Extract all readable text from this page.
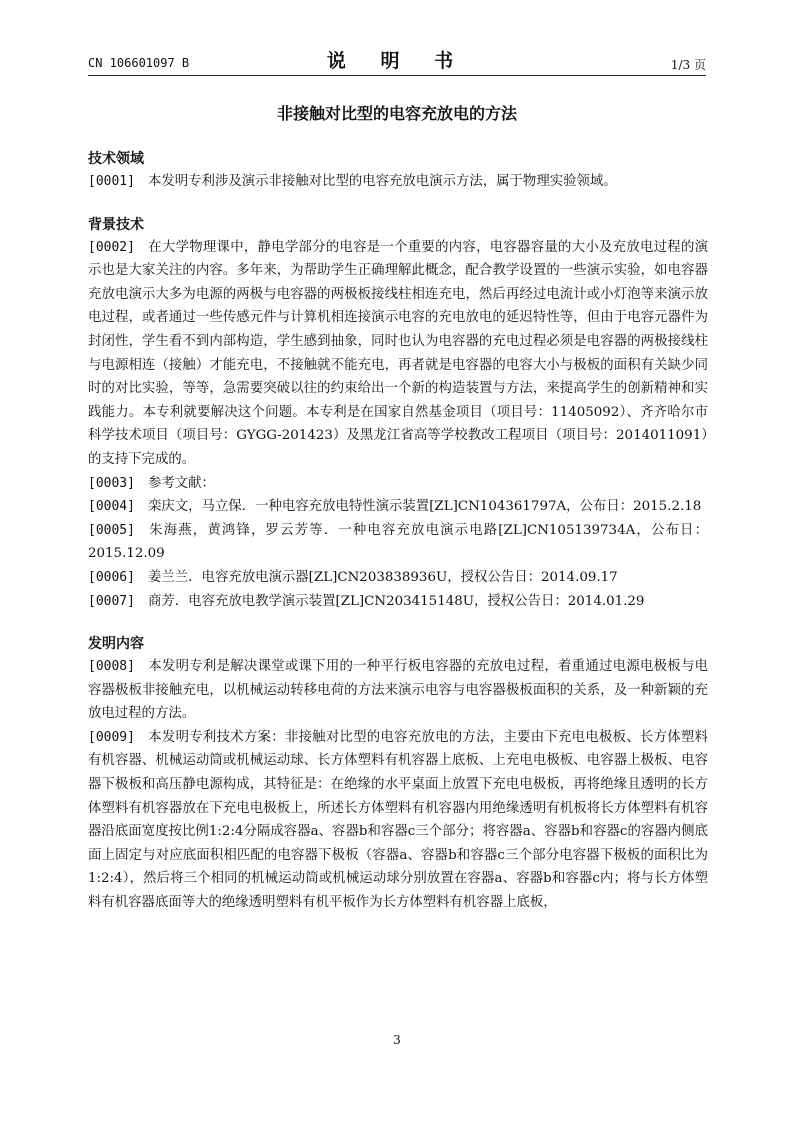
CN 106601097 B	说 明 书	1/3 页
非接触对比型的电容充放电的方法
技术领域
[0001] 本发明专利涉及演示非接触对比型的电容充放电演示方法，属于物理实验领域。
背景技术
[0002] 在大学物理课中，静电学部分的电容是一个重要的内容，电容器容量的大小及充放电过程的演示也是大家关注的内容。多年来，为帮助学生正确理解此概念，配合教学设置的一些演示实验，如电容器充放电演示大多为电源的两极与电容器的两极板接线柱相连充电，然后再经过电流计或小灯泡等来演示放电过程，或者通过一些传感元件与计算机相连接演示电容的充电放电的延迟特性等，但由于电容元器件为封闭性，学生看不到内部构造，学生感到抽象，同时也认为电容器的充电过程必须是电容器的两极接线柱与电源相连（接触）才能充电，不接触就不能充电，再者就是电容器的电容大小与极板的面积有关缺少同时的对比实验，等等，急需要突破以往的约束给出一个新的构造装置与方法，来提高学生的创新精神和实践能力。本专利就要解决这个问题。本专利是在国家自然基金项目（项目号：11405092）、齐齐哈尔市科学技术项目（项目号：GYGG-201423）及黑龙江省高等学校教改工程项目（项目号：2014011091）的支持下完成的。
[0003] 参考文献：
[0004] 栾庆文，马立保．一种电容充放电特性演示装置[ZL]CN104361797A，公布日：2015.2.18
[0005] 朱海燕，黄鸿锋，罗云芳等．一种电容充放电演示电路[ZL]CN105139734A，公布日：2015.12.09
[0006] 姜兰兰．电容充放电演示器[ZL]CN203838936U，授权公告日：2014.09.17
[0007] 商芳．电容充放电教学演示装置[ZL]CN203415148U，授权公告日：2014.01.29
发明内容
[0008] 本发明专利是解决课堂或课下用的一种平行板电容器的充放电过程，着重通过电源电极板与电容器极板非接触充电，以机械运动转移电荷的方法来演示电容与电容器极板面积的关系，及一种新颖的充放电过程的方法。
[0009] 本发明专利技术方案：非接触对比型的电容充放电的方法，主要由下充电电极板、长方体塑料有机容器、机械运动筒或机械运动球、长方体塑料有机容器上底板、上充电电极板、电容器上极板、电容器下极板和高压静电源构成，其特征是：在绝缘的水平桌面上放置下充电电极板，再将绝缘且透明的长方体塑料有机容器放在下充电电极板上，所述长方体塑料有机容器内用绝缘透明有机板将长方体塑料有机容器沿底面宽度按比例1:2:4分隔成容器a、容器b和容器c三个部分；将容器a、容器b和容器c的容器内侧底面上固定与对应底面积相匹配的电容器下极板（容器a、容器b和容器c三个部分电容器下极板的面积比为1:2:4），然后将三个相同的机械运动筒或机械运动球分别放置在容器a、容器b和容器c内；将与长方体塑料有机容器底面等大的绝缘透明塑料有机平板作为长方体塑料有机容器上底板，
3
